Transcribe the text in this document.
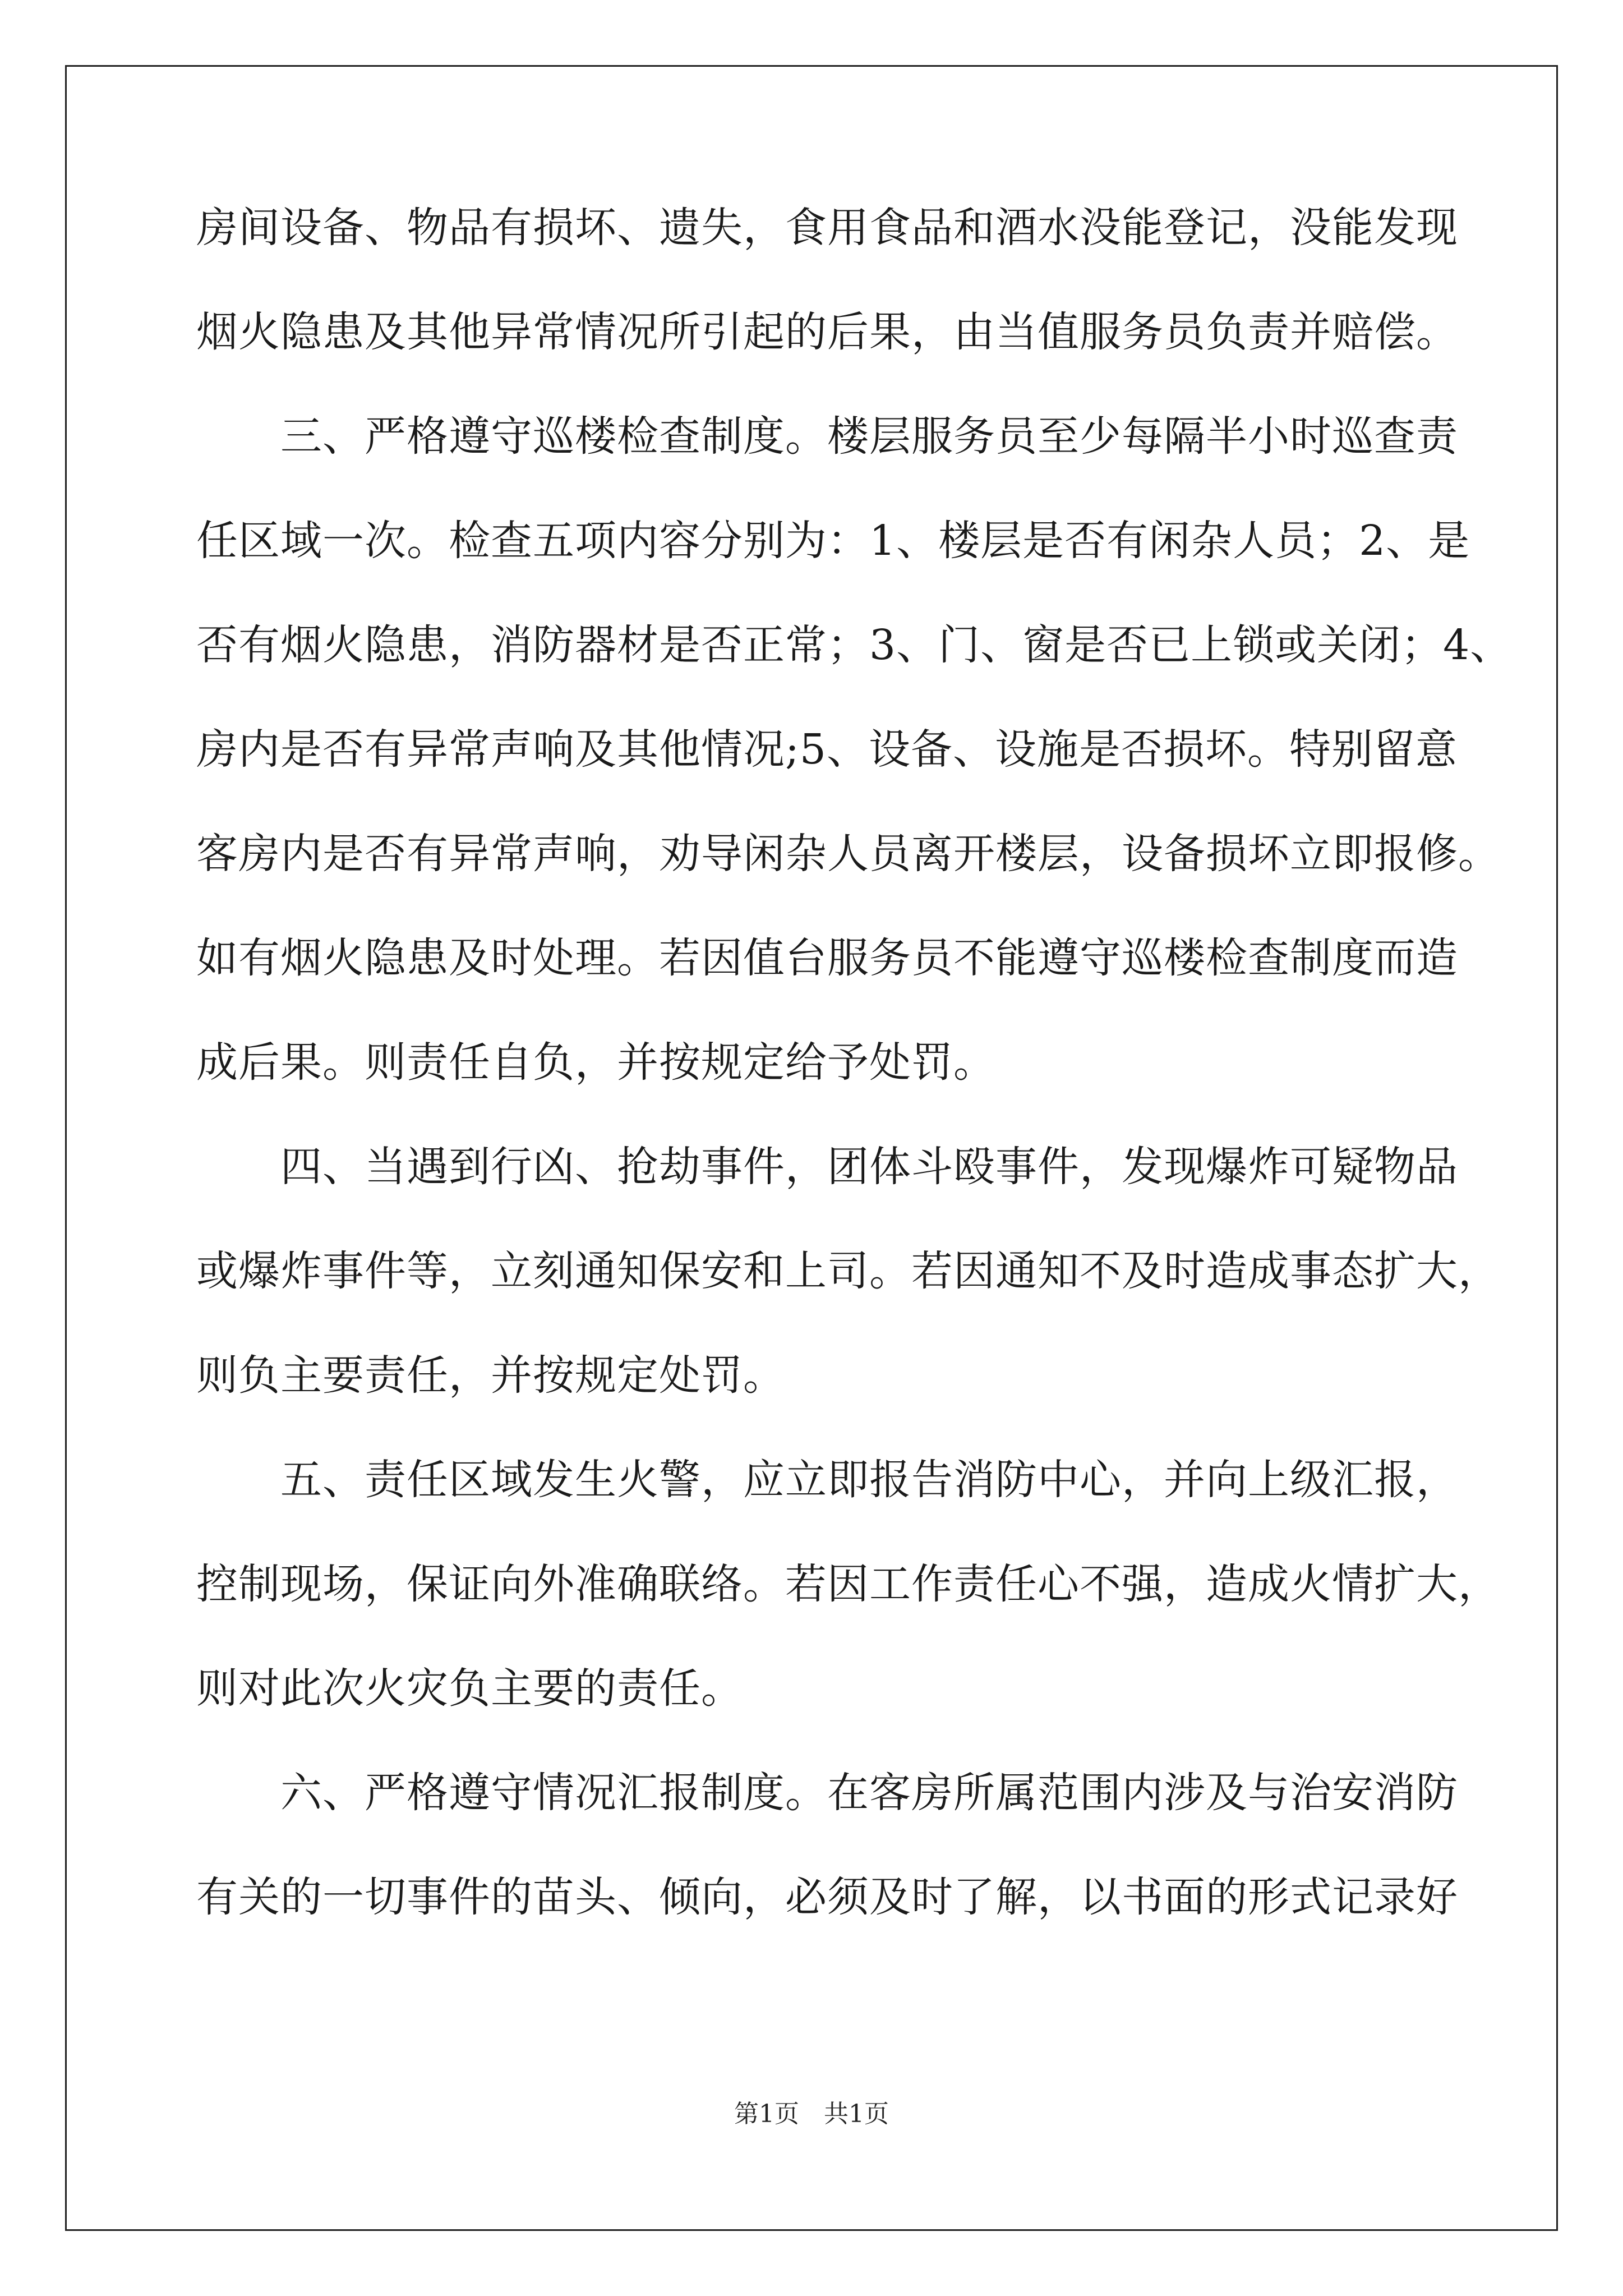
房间设备、物品有损坏、遗失，食用食品和酒水没能登记，没能发现
烟火隐患及其他异常情况所引起的后果，由当值服务员负责并赔偿。
　　三、严格遵守巡楼检查制度。楼层服务员至少每隔半小时巡查责
任区域一次。检查五项内容分别为：1、楼层是否有闲杂人员；2、是
否有烟火隐患，消防器材是否正常；3、门、窗是否已上锁或关闭；4、
房内是否有异常声响及其他情况;5、设备、设施是否损坏。特别留意
客房内是否有异常声响，劝导闲杂人员离开楼层，设备损坏立即报修。
如有烟火隐患及时处理。若因值台服务员不能遵守巡楼检查制度而造
成后果。则责任自负，并按规定给予处罚。
　　四、当遇到行凶、抢劫事件，团体斗殴事件，发现爆炸可疑物品
或爆炸事件等，立刻通知保安和上司。若因通知不及时造成事态扩大，
则负主要责任，并按规定处罚。
　　五、责任区域发生火警，应立即报告消防中心，并向上级汇报，
控制现场，保证向外准确联络。若因工作责任心不强，造成火情扩大，
则对此次火灾负主要的责任。
　　六、严格遵守情况汇报制度。在客房所属范围内涉及与治安消防
有关的一切事件的苗头、倾向，必须及时了解，以书面的形式记录好
第1页　共1页
